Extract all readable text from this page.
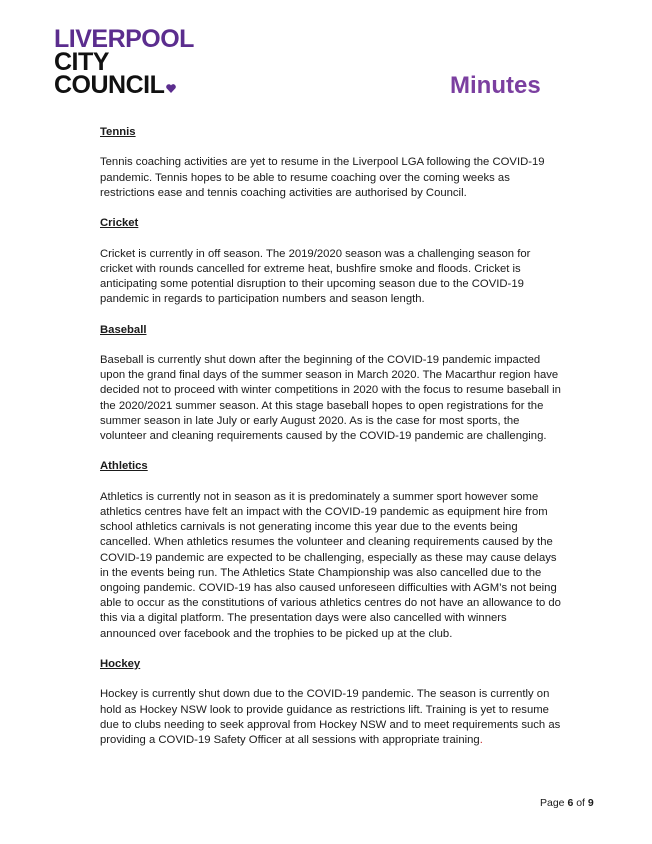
LIVERPOOL
CITY
COUNCIL	Minutes

Tennis

Tennis coaching activities are yet to resume in the Liverpool LGA following the COVID-19 pandemic. Tennis hopes to be able to resume coaching over the coming weeks as restrictions ease and tennis coaching activities are authorised by Council.

Cricket

Cricket is currently in off season. The 2019/2020 season was a challenging season for cricket with rounds cancelled for extreme heat, bushfire smoke and floods. Cricket is anticipating some potential disruption to their upcoming season due to the COVID-19 pandemic in regards to participation numbers and season length.

Baseball

Baseball is currently shut down after the beginning of the COVID-19 pandemic impacted upon the grand final days of the summer season in March 2020. The Macarthur region have decided not to proceed with winter competitions in 2020 with the focus to resume baseball in the 2020/2021 summer season. At this stage baseball hopes to open registrations for the summer season in late July or early August 2020. As is the case for most sports, the volunteer and cleaning requirements caused by the COVID-19 pandemic are challenging.

Athletics

Athletics is currently not in season as it is predominately a summer sport however some athletics centres have felt an impact with the COVID-19 pandemic as equipment hire from school athletics carnivals is not generating income this year due to the events being cancelled. When athletics resumes the volunteer and cleaning requirements caused by the COVID-19 pandemic are expected to be challenging, especially as these may cause delays in the events being run. The Athletics State Championship was also cancelled due to the ongoing pandemic. COVID-19 has also caused unforeseen difficulties with AGM’s not being able to occur as the constitutions of various athletics centres do not have an allowance to do this via a digital platform. The presentation days were also cancelled with winners announced over facebook and the trophies to be picked up at the club.

Hockey

Hockey is currently shut down due to the COVID-19 pandemic. The season is currently on hold as Hockey NSW look to provide guidance as restrictions lift. Training is yet to resume due to clubs needing to seek approval from Hockey NSW and to meet requirements such as providing a COVID-19 Safety Officer at all sessions with appropriate training.

Page 6 of 9
